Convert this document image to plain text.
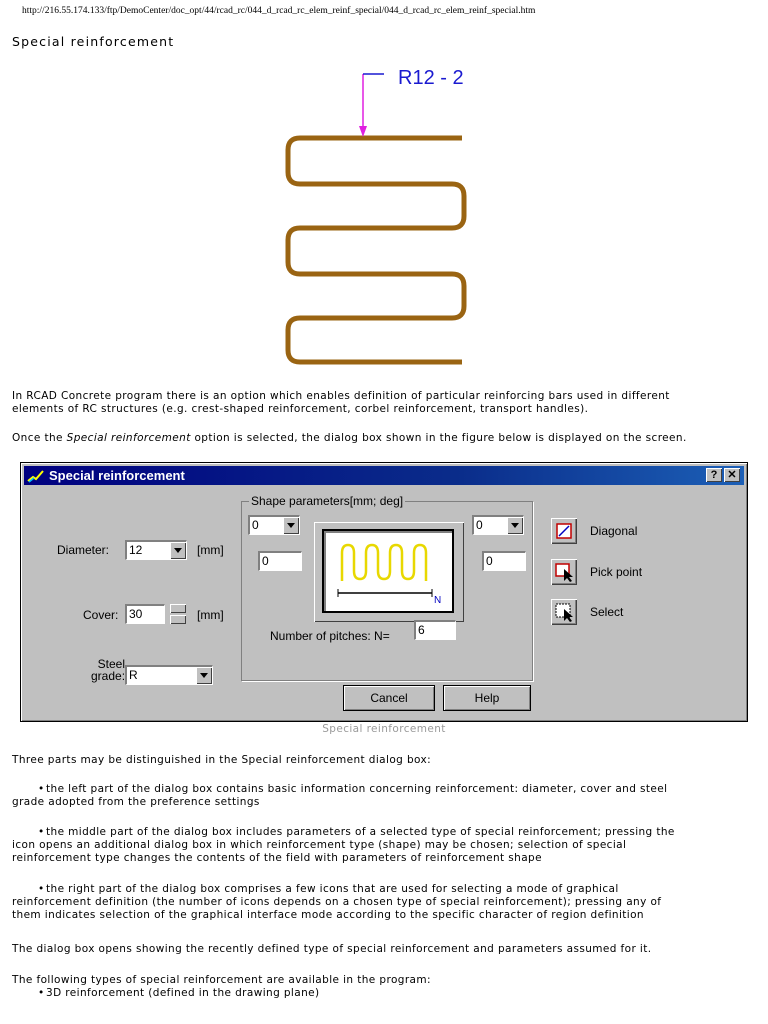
http://216.55.174.133/ftp/DemoCenter/doc_opt/44/rcad_rc/044_d_rcad_rc_elem_reinf_special/044_d_rcad_rc_elem_reinf_special.htm
Special reinforcement
R12 - 2
In RCAD Concrete program there is an option which enables definition of particular reinforcing bars used in different
elements of RC structures (e.g. crest-shaped reinforcement, corbel reinforcement, transport handles).
Once the Special reinforcement option is selected, the dialog box shown in the figure below is displayed on the screen.
Special reinforcement	? ✕
Diameter:	12	[mm]
Cover: 30	[mm]
Steel
grade: R
Shape parameters[mm; deg]
0
0
N
0
0
Number of pitches: N=	6
Cancel	Help
Diagonal
Pick point
Select
Special reinforcement
Three parts may be distinguished in the Special reinforcement dialog box:
•the left part of the dialog box contains basic information concerning reinforcement: diameter, cover and steel
grade adopted from the preference settings
•the middle part of the dialog box includes parameters of a selected type of special reinforcement; pressing the
icon opens an additional dialog box in which reinforcement type (shape) may be chosen; selection of special
reinforcement type changes the contents of the field with parameters of reinforcement shape
•the right part of the dialog box comprises a few icons that are used for selecting a mode of graphical
reinforcement definition (the number of icons depends on a chosen type of special reinforcement); pressing any of
them indicates selection of the graphical interface mode according to the specific character of region definition
The dialog box opens showing the recently defined type of special reinforcement and parameters assumed for it.
The following types of special reinforcement are available in the program:
•3D reinforcement (defined in the drawing plane)
